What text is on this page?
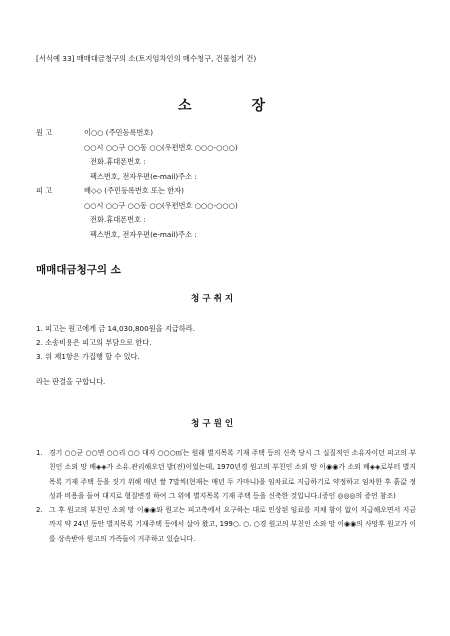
[서식예 33] 매매대금청구의 소(토지임차인의 매수청구, 건물철거 건)
소	장
원 고	이○○ (주민등록번호)
○○시 ○○구 ○○동 ○○(우편번호 ○○○-○○○)
전화․휴대폰번호 :
팩스번호, 전자우편(e-mail)주소 :
피 고	배◇◇ (주민등록번호 또는 한자)
○○시 ○○구 ○○동 ○○(우편번호 ○○○-○○○)
전화․휴대폰번호 :
팩스번호, 전자우편(e-mail)주소 :
매매대금청구의 소
청 구 취 지
1. 피고는 원고에게 금 14,030,800원을 지급하라.
2. 소송비용은 피고의 부담으로 한다.
3. 위 제1항은 가집행 할 수 있다.
라는 판결을 구합니다.
청 구 원 인
1. 경기 ○○군 ○○면 ○○리 ○○ 대지 ○○○㎡는 원래 별지목록 기재 주택 등의 신축 당시 그 실질적인 소유자이던 피고의 부친인 소외 망 배◈◈가 소유․관리해오던 밭(전)이었는데, 1970년경 원고의 부친인 소외 망 이◉◉가 소외 배◈◈로부터 별지목록 기재 주택 등을 짓기 위해 매년 쌀 7말씩(현재는 매년 두 가마니)을 임차료로 지급하기로 약정하고 임차한 후 흙값 정성과 비용을 들여 대지로 형질변경 하여 그 위에 별지목록 기재 주택 등을 신축한 것입니다.(증인 ◎◎◎의 증언 참조)
2. 그 후 원고의 부친인 소외 망 이◉◉와 원고는 피고측에서 요구하는 대로 인상된 임료를 지체 함이 없이 지급해오면서 지금까지 약 24년 동안 별지목록 기재주택 등에서 살아 왔고, 199○. ○. ○경 원고의 부친인 소외 망 이◉◉의 사망후 원고가 이를 상속받아 원고의 가족들이 거주하고 있습니다.
